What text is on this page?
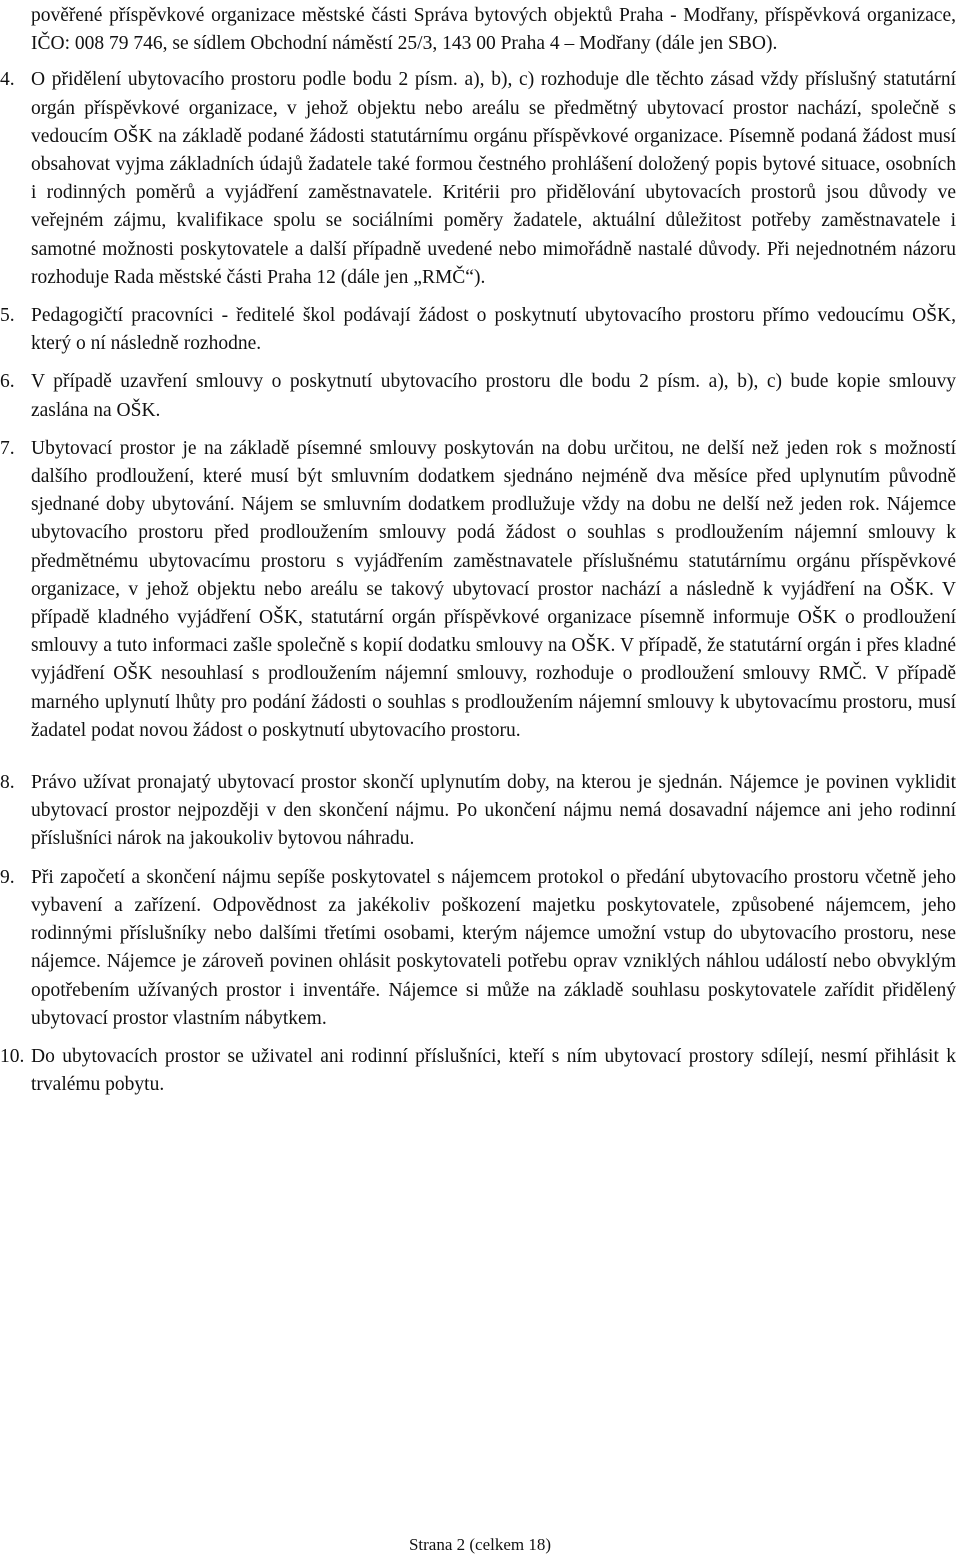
pověřené příspěvkové organizace městské části Správa bytových objektů Praha - Modřany, příspěvková organizace, IČO: 008 79 746, se sídlem Obchodní náměstí 25/3, 143 00 Praha 4 – Modřany (dále jen SBO).

4. O přidělení ubytovacího prostoru podle bodu 2 písm. a), b), c) rozhoduje dle těchto zásad vždy příslušný statutární orgán příspěvkové organizace, v jehož objektu nebo areálu se předmětný ubytovací prostor nachází, společně s vedoucím OŠK na základě podané žádosti statutárnímu orgánu příspěvkové organizace. Písemně podaná žádost musí obsahovat vyjma základních údajů žadatele také formou čestného prohlášení doložený popis bytové situace, osobních i rodinných poměrů a vyjádření zaměstnavatele. Kritérii pro přidělování ubytovacích prostorů jsou důvody ve veřejném zájmu, kvalifikace spolu se sociálními poměry žadatele, aktuální důležitost potřeby zaměstnavatele i samotné možnosti poskytovatele a další případně uvedené nebo mimořádně nastalé důvody. Při nejednotném názoru rozhoduje Rada městské části Praha 12 (dále jen „RMČ“).
5. Pedagogičtí pracovníci - ředitelé škol podávají žádost o poskytnutí ubytovacího prostoru přímo vedoucímu OŠK, který o ní následně rozhodne.
6. V případě uzavření smlouvy o poskytnutí ubytovacího prostoru dle bodu 2 písm. a), b), c) bude kopie smlouvy zaslána na OŠK.
7. Ubytovací prostor je na základě písemné smlouvy poskytován na dobu určitou, ne delší než jeden rok s možností dalšího prodloužení, které musí být smluvním dodatkem sjednáno nejméně dva měsíce před uplynutím původně sjednané doby ubytování. Nájem se smluvním dodatkem prodlužuje vždy na dobu ne delší než jeden rok. Nájemce ubytovacího prostoru před prodloužením smlouvy podá žádost o souhlas s prodloužením nájemní smlouvy k předmětnému ubytovacímu prostoru s vyjádřením zaměstnavatele příslušnému statutárnímu orgánu příspěvkové organizace, v jehož objektu nebo areálu se takový ubytovací prostor nachází a následně k vyjádření na OŠK. V případě kladného vyjádření OŠK, statutární orgán příspěvkové organizace písemně informuje OŠK o prodloužení smlouvy a tuto informaci zašle společně s kopií dodatku smlouvy na OŠK. V případě, že statutární orgán i přes kladné vyjádření OŠK nesouhlasí s prodloužením nájemní smlouvy, rozhoduje o prodloužení smlouvy RMČ. V případě marného uplynutí lhůty pro podání žádosti o souhlas s prodloužením nájemní smlouvy k ubytovacímu prostoru, musí žadatel podat novou žádost o poskytnutí ubytovacího prostoru.
8. Právo užívat pronajatý ubytovací prostor skončí uplynutím doby, na kterou je sjednán. Nájemce je povinen vyklidit ubytovací prostor nejpozději v den skončení nájmu. Po ukončení nájmu nemá dosavadní nájemce ani jeho rodinní příslušníci nárok na jakoukoliv bytovou náhradu.
9. Při započetí a skončení nájmu sepíše poskytovatel s nájemcem protokol o předání ubytovacího prostoru včetně jeho vybavení a zařízení. Odpovědnost za jakékoliv poškození majetku poskytovatele, způsobené nájemcem, jeho rodinnými příslušníky nebo dalšími třetími osobami, kterým nájemce umožní vstup do ubytovacího prostoru, nese nájemce. Nájemce je zároveň povinen ohlásit poskytovateli potřebu oprav vzniklých náhlou událostí nebo obvyklým opotřebením užívaných prostor i inventáře. Nájemce si může na základě souhlasu poskytovatele zařídit přidělený ubytovací prostor vlastním nábytkem.
10. Do ubytovacích prostor se uživatel ani rodinní příslušníci, kteří s ním ubytovací prostory sdílejí, nesmí přihlásit k trvalému pobytu.
Strana 2 (celkem 18)
